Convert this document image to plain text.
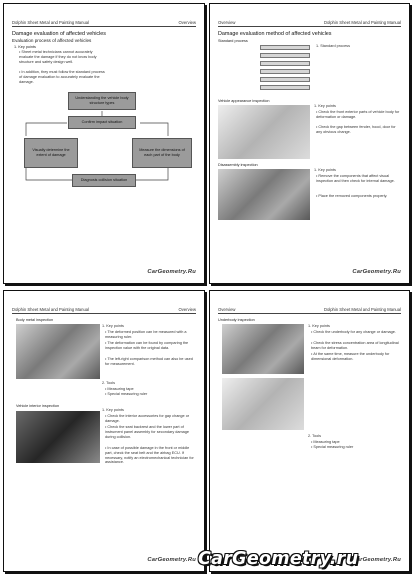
Dolphin Sheet Metal and Painting Manual	Overview
Damage evaluation of affected vehicles
Evaluation process of affected vehicles
1. Key points
• Sheet metal technicians cannot accurately evaluate the damage if they do not know body structure and safety design well.
• In addition, they must follow the standard process of damage evaluation to accurately evaluate the damage.
Understanding the vehicle body structure types
Confirm impact situation
Visually determine the extent of damage
Measure the dimensions of each part of the body
Diagnosis collision situation
CarGeometry.Ru
Overview	Dolphin Sheet Metal and Painting Manual
Damage evaluation method of affected vehicles
Standard process
1. Standard process
Vehicle appearance inspection
1. Key points
• Check the front exterior parts of vehicle body for deformation or damage.
• Check the gap between fender, hood, door for any obvious change.
Disassembly inspection
1. Key points
• Remove the components that affect visual inspection and then check for internal damage.
• Place the removed components properly.
CarGeometry.Ru
Dolphin Sheet Metal and Painting Manual	Overview
Body metal inspection
1. Key points
• The deformed position can be measured with a measuring ruler.
• The deformation can be found by comparing the inspection value with the original data.
• The left-right comparison method can also be used for measurement.
2. Tools
• Measuring tape
• Special measuring ruler
Vehicle interior inspection
1. Key points
• Check the interior accessories for gap change or damage.
• Check the seat backrest and the lower part of instrument panel assembly for secondary damage during collision.
• In case of possible damage in the front or middle part, check the seat belt and the airbag ECU. If necessary, notify an electromechanical technician for assistance.
CarGeometry.Ru
Overview	Dolphin Sheet Metal and Painting Manual
Underbody inspection
1. Key points
• Check the underbody for any change or damage.
• Check the stress concentration area of longitudinal beam for deformation.
• At the same time, measure the underbody for dimensional deformation.
2. Tools
• Measuring tape
• Special measuring ruler
CarGeometry.Ru
CarGeometry.ru
